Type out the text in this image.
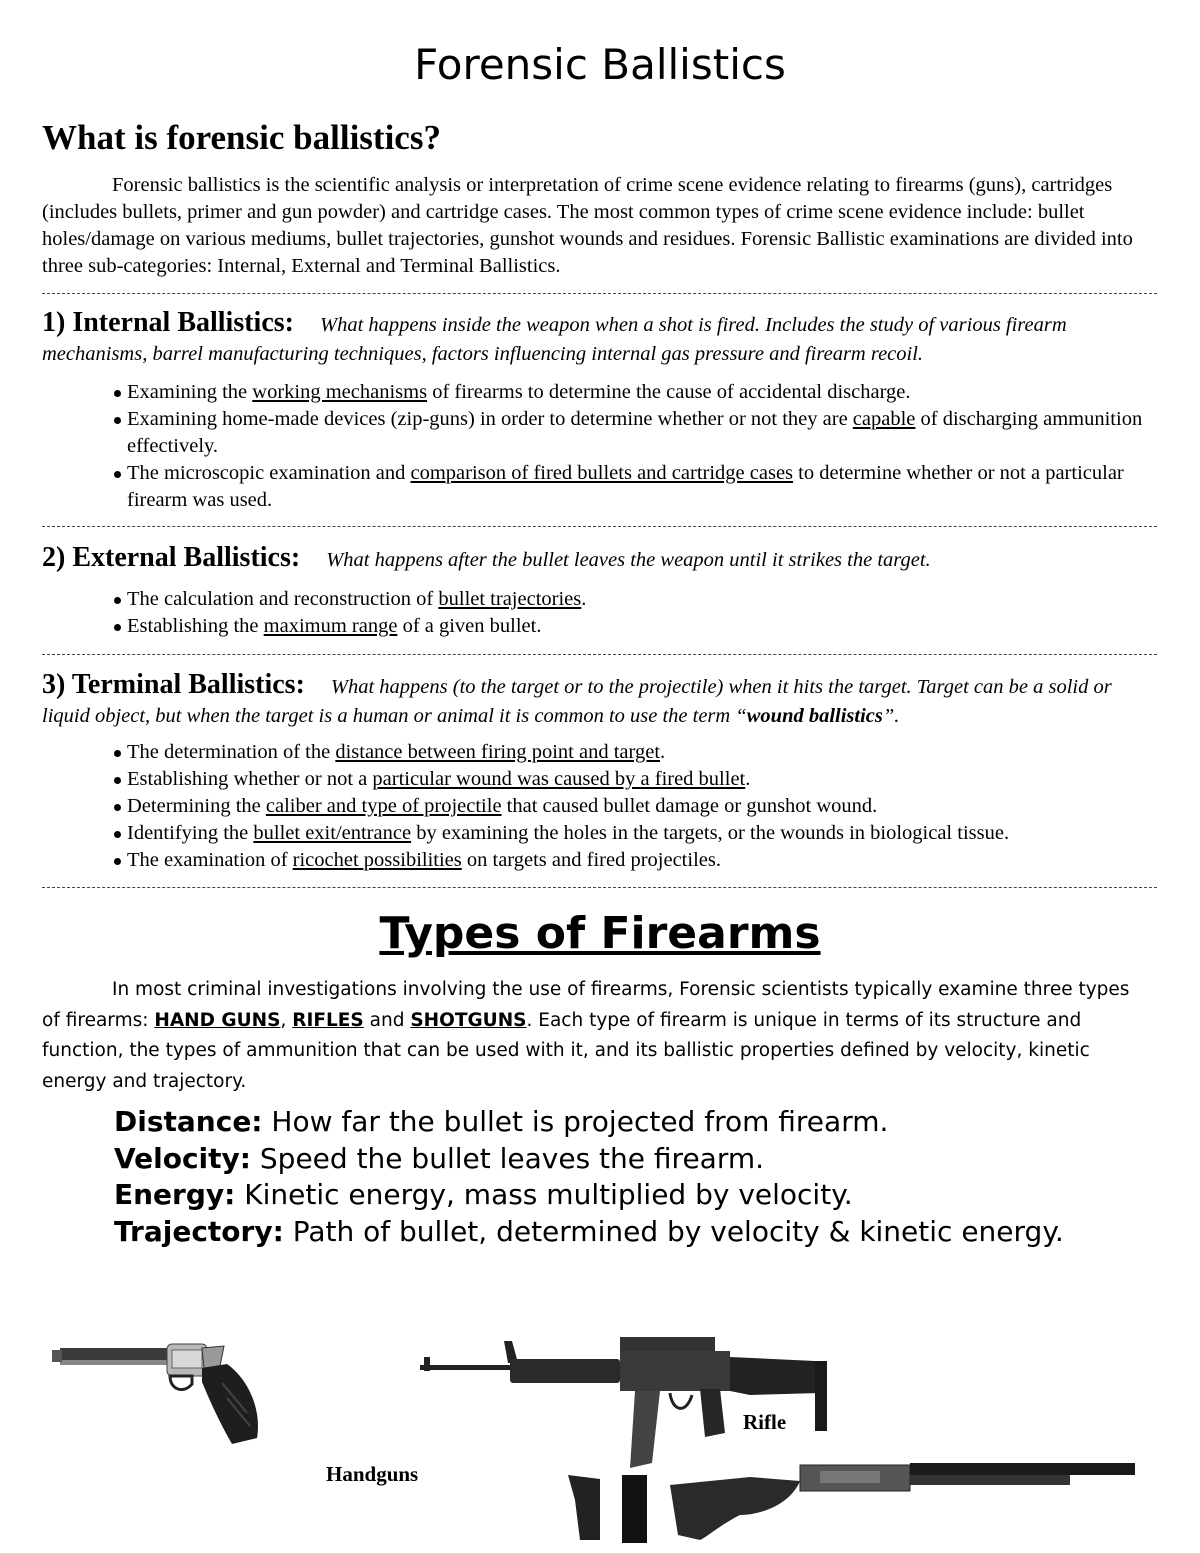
Forensic Ballistics
What is forensic ballistics?

Forensic ballistics is the scientific analysis or interpretation of crime scene evidence relating to firearms (guns), cartridges (includes bullets, primer and gun powder) and cartridge cases. The most common types of crime scene evidence include: bullet holes/damage on various mediums, bullet trajectories, gunshot wounds and residues. Forensic Ballistic examinations are divided into three sub-categories: Internal, External and Terminal Ballistics.

1) Internal Ballistics: What happens inside the weapon when a shot is fired. Includes the study of various firearm mechanisms, barrel manufacturing techniques, factors influencing internal gas pressure and firearm recoil.

Examining the working mechanisms of firearms to determine the cause of accidental discharge.
Examining home-made devices (zip-guns) in order to determine whether or not they are capable of discharging ammunition effectively.
The microscopic examination and comparison of fired bullets and cartridge cases to determine whether or not a particular firearm was used.

2) External Ballistics: What happens after the bullet leaves the weapon until it strikes the target.

The calculation and reconstruction of bullet trajectories.
Establishing the maximum range of a given bullet.

3) Terminal Ballistics: What happens (to the target or to the projectile) when it hits the target. Target can be a solid or liquid object, but when the target is a human or animal it is common to use the term “wound ballistics”.

The determination of the distance between firing point and target.
Establishing whether or not a particular wound was caused by a fired bullet.
Determining the caliber and type of projectile that caused bullet damage or gunshot wound.
Identifying the bullet exit/entrance by examining the holes in the targets, or the wounds in biological tissue.
The examination of ricochet possibilities on targets and fired projectiles.
Types of Firearms

In most criminal investigations involving the use of firearms, Forensic scientists typically examine three types of firearms: HAND GUNS, RIFLES and SHOTGUNS. Each type of firearm is unique in terms of its structure and function, the types of ammunition that can be used with it, and its ballistic properties defined by velocity, kinetic energy and trajectory.

Distance: How far the bullet is projected from firearm.
Velocity: Speed the bullet leaves the firearm.
Energy: Kinetic energy, mass multiplied by velocity.
Trajectory: Path of bullet, determined by velocity & kinetic energy.
Handguns
Rifle
